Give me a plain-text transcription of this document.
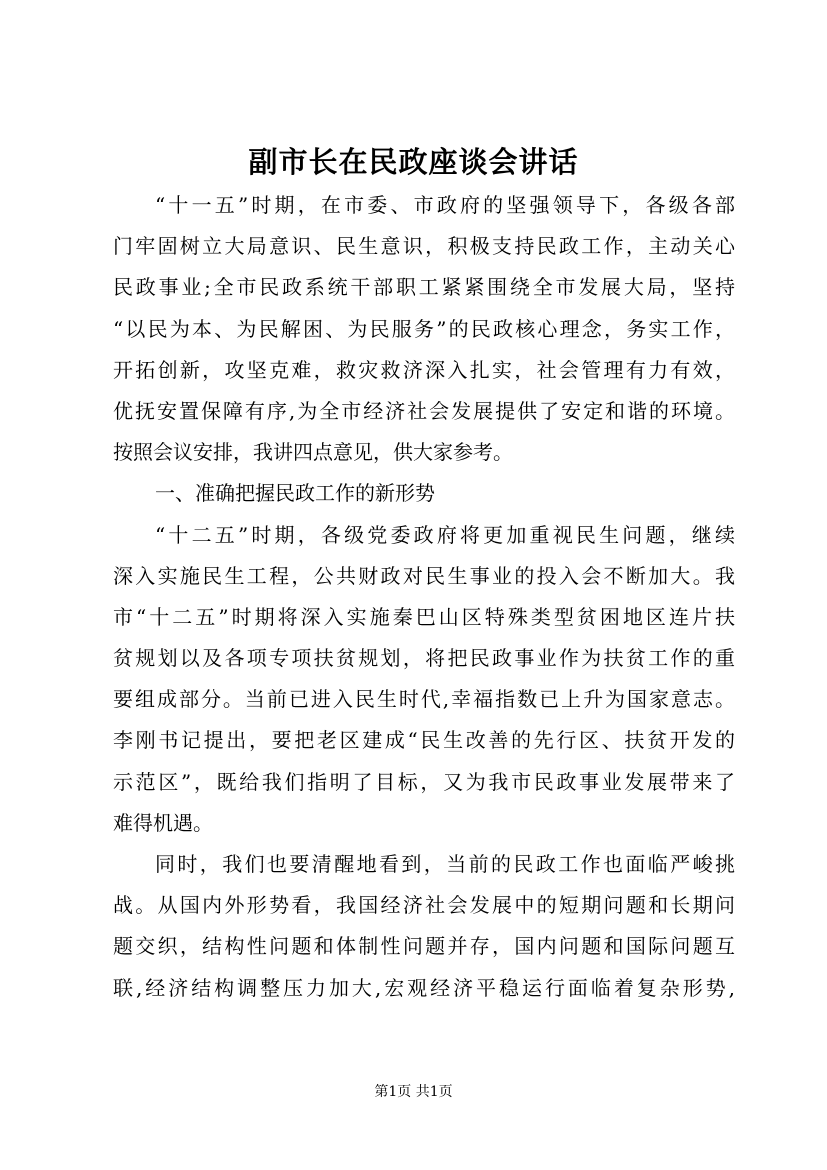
副市长在民政座谈会讲话
“十一五”时期，在市委、市政府的坚强领导下，各级各部
门牢固树立大局意识、民生意识，积极支持民政工作，主动关心
民政事业;全市民政系统干部职工紧紧围绕全市发展大局，坚持
“以民为本、为民解困、为民服务”的民政核心理念，务实工作，
开拓创新，攻坚克难，救灾救济深入扎实，社会管理有力有效，
优抚安置保障有序,为全市经济社会发展提供了安定和谐的环境。
按照会议安排，我讲四点意见，供大家参考。
一、准确把握民政工作的新形势
“十二五”时期，各级党委政府将更加重视民生问题，继续
深入实施民生工程，公共财政对民生事业的投入会不断加大。我
市“十二五”时期将深入实施秦巴山区特殊类型贫困地区连片扶
贫规划以及各项专项扶贫规划，将把民政事业作为扶贫工作的重
要组成部分。当前已进入民生时代,幸福指数已上升为国家意志。
李刚书记提出，要把老区建成“民生改善的先行区、扶贫开发的
示范区”，既给我们指明了目标，又为我市民政事业发展带来了
难得机遇。
同时，我们也要清醒地看到，当前的民政工作也面临严峻挑
战。从国内外形势看，我国经济社会发展中的短期问题和长期问
题交织，结构性问题和体制性问题并存，国内问题和国际问题互
联,经济结构调整压力加大,宏观经济平稳运行面临着复杂形势,
第1页 共1页
